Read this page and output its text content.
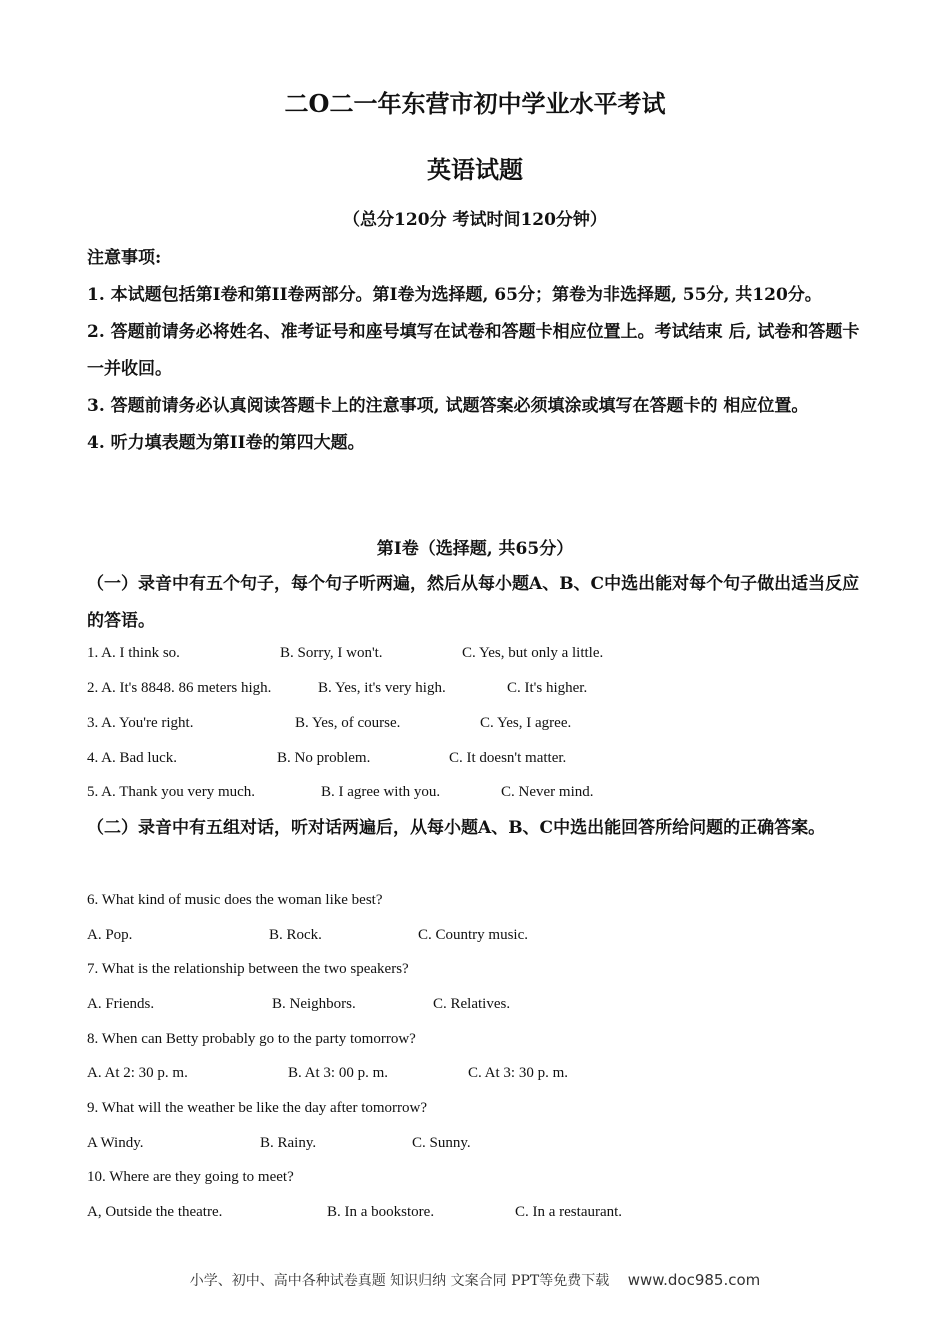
二O二一年东营市初中学业水平考试
英语试题
（总分120分 考试时间120分钟）

注意事项:

1. 本试题包括第I卷和第II卷两部分。第I卷为选择题, 65分；第卷为非选择题, 55分, 共120分。

2. 答题前请务必将姓名、准考证号和座号填写在试卷和答题卡相应位置上。考试结束 后, 试卷和答题卡一并收回。

3. 答题前请务必认真阅读答题卡上的注意事项, 试题答案必须填涂或填写在答题卡的 相应位置。

4. 听力填表题为第II卷的第四大题。

第I卷（选择题, 共65分）

（一）录音中有五个句子，每个句子听两遍，然后从每小题A、B、C中选出能对每个句子做出适当反应的答语。

1. A. I think so.	B. Sorry, I won't.	C. Yes, but only a little.
2. A. It's 8848. 86 meters high.	B. Yes, it's very high.	C. It's higher.
3. A. You're right.	B. Yes, of course.	C. Yes, I agree.
4. A. Bad luck.	B. No problem.	C. It doesn't matter.
5. A. Thank you very much.	B. I agree with you.	C. Never mind.

（二）录音中有五组对话，听对话两遍后，从每小题A、B、C中选出能回答所给问题的正确答案。

6. What kind of music does the woman like best?
A. Pop.	B. Rock.	C. Country music.
7. What is the relationship between the two speakers?
A. Friends.	B. Neighbors.	C. Relatives.
8. When can Betty probably go to the party tomorrow?
A. At 2: 30 p. m.	B. At 3: 00 p. m.	C. At 3: 30 p. m.
9. What will the weather be like the day after tomorrow?
A Windy.	B. Rainy.	C. Sunny.
10. Where are they going to meet?
A, Outside the theatre.	B. In a bookstore.	C. In a restaurant.
小学、初中、高中各种试卷真题 知识归纳 文案合同 PPT等免费下载 www.doc985.com
